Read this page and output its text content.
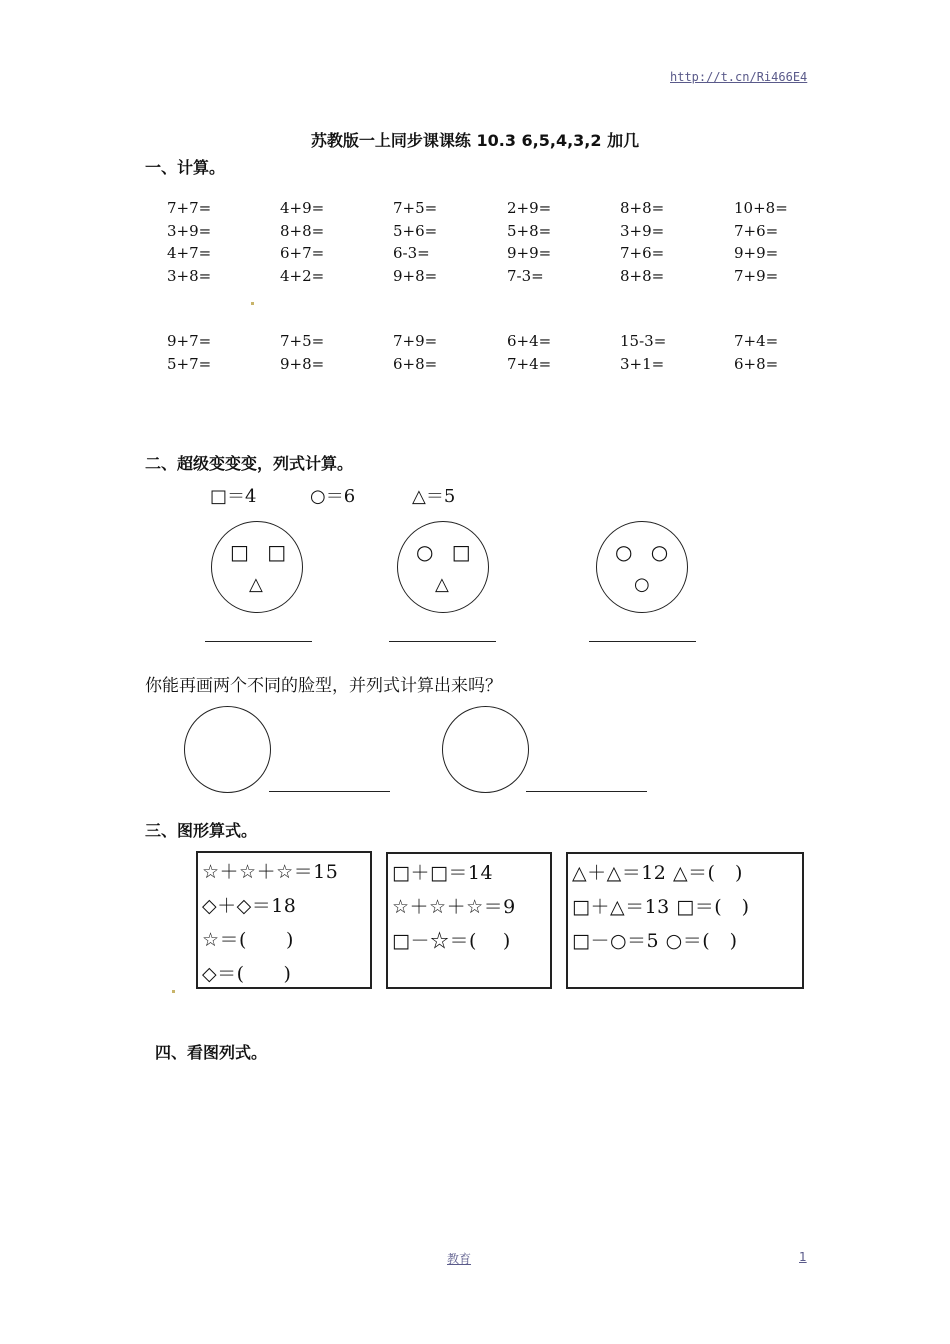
http://t.cn/Ri466E4
苏教版一上同步课课练 10.3 6,5,4,3,2 加几
一、计算。
7+7=	4+9=	7+5=	2+9=	8+8=	10+8=
3+9=	8+8=	5+6=	5+8=	3+9=	7+6=
4+7=	6+7=	6-3=	9+9=	7+6=	9+9=
3+8=	4+2=	9+8=	7-3=	8+8=	7+9=
9+7=	7+5=	7+9=	6+4=	15-3=	7+4=
5+7=	9+8=	6+8=	7+4=	3+1=	6+8=
二、超级变变变，列式计算。
□＝4	○＝6	△＝5
□ □
△
○ □
△
○ ○
○
你能再画两个不同的脸型，并列式计算出来吗？
三、图形算式。
☆＋☆＋☆＝15
◇＋◇＝18
☆＝(　　)
◇＝(　　)
□＋□＝14
☆＋☆＋☆＝9
□－☆＝(　 )
△＋△＝12 △＝(　)
□＋△＝13 □＝(　)
□－○＝5 ○＝(　)
四、看图列式。
教育	1
